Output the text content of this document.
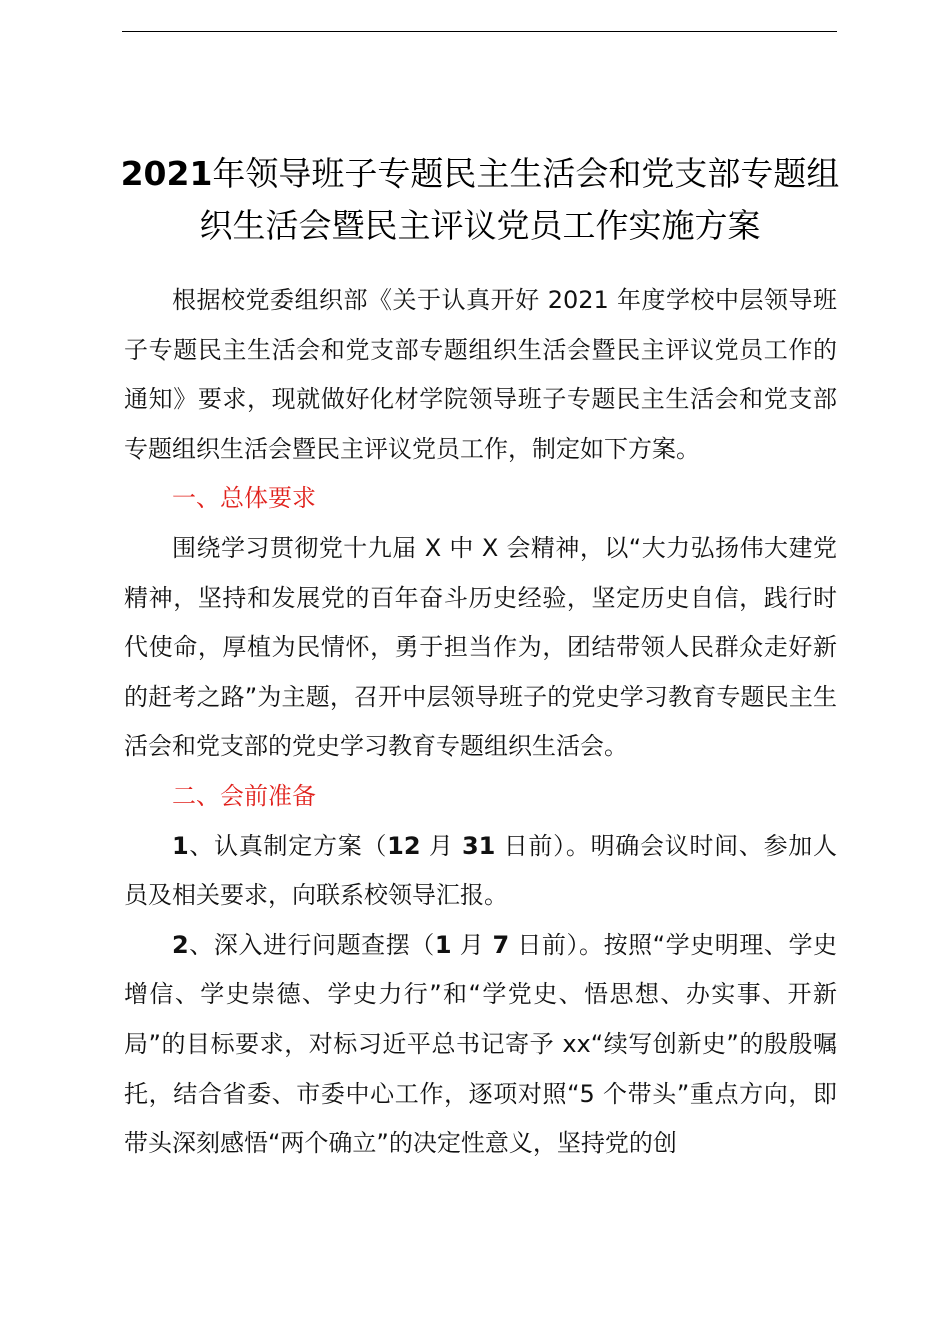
2021年领导班子专题民主生活会和党支部专题组织生活会暨民主评议党员工作实施方案

根据校党委组织部《关于认真开好 2021 年度学校中层领导班子专题民主生活会和党支部专题组织生活会暨民主评议党员工作的通知》要求，现就做好化材学院领导班子专题民主生活会和党支部专题组织生活会暨民主评议党员工作，制定如下方案。

一、总体要求

围绕学习贯彻党十九届 X 中 X 会精神，以“大力弘扬伟大建党精神，坚持和发展党的百年奋斗历史经验，坚定历史自信，践行时代使命，厚植为民情怀，勇于担当作为，团结带领人民群众走好新的赶考之路”为主题，召开中层领导班子的党史学习教育专题民主生活会和党支部的党史学习教育专题组织生活会。

二、会前准备

1、认真制定方案（12 月 31 日前）。明确会议时间、参加人员及相关要求，向联系校领导汇报。

2、深入进行问题查摆（1 月 7 日前）。按照“学史明理、学史增信、学史崇德、学史力行”和“学党史、悟思想、办实事、开新局”的目标要求，对标习近平总书记寄予 xx“续写创新史”的殷殷嘱托，结合省委、市委中心工作，逐项对照“5 个带头”重点方向，即带头深刻感悟“两个确立”的决定性意义，坚持党的创
